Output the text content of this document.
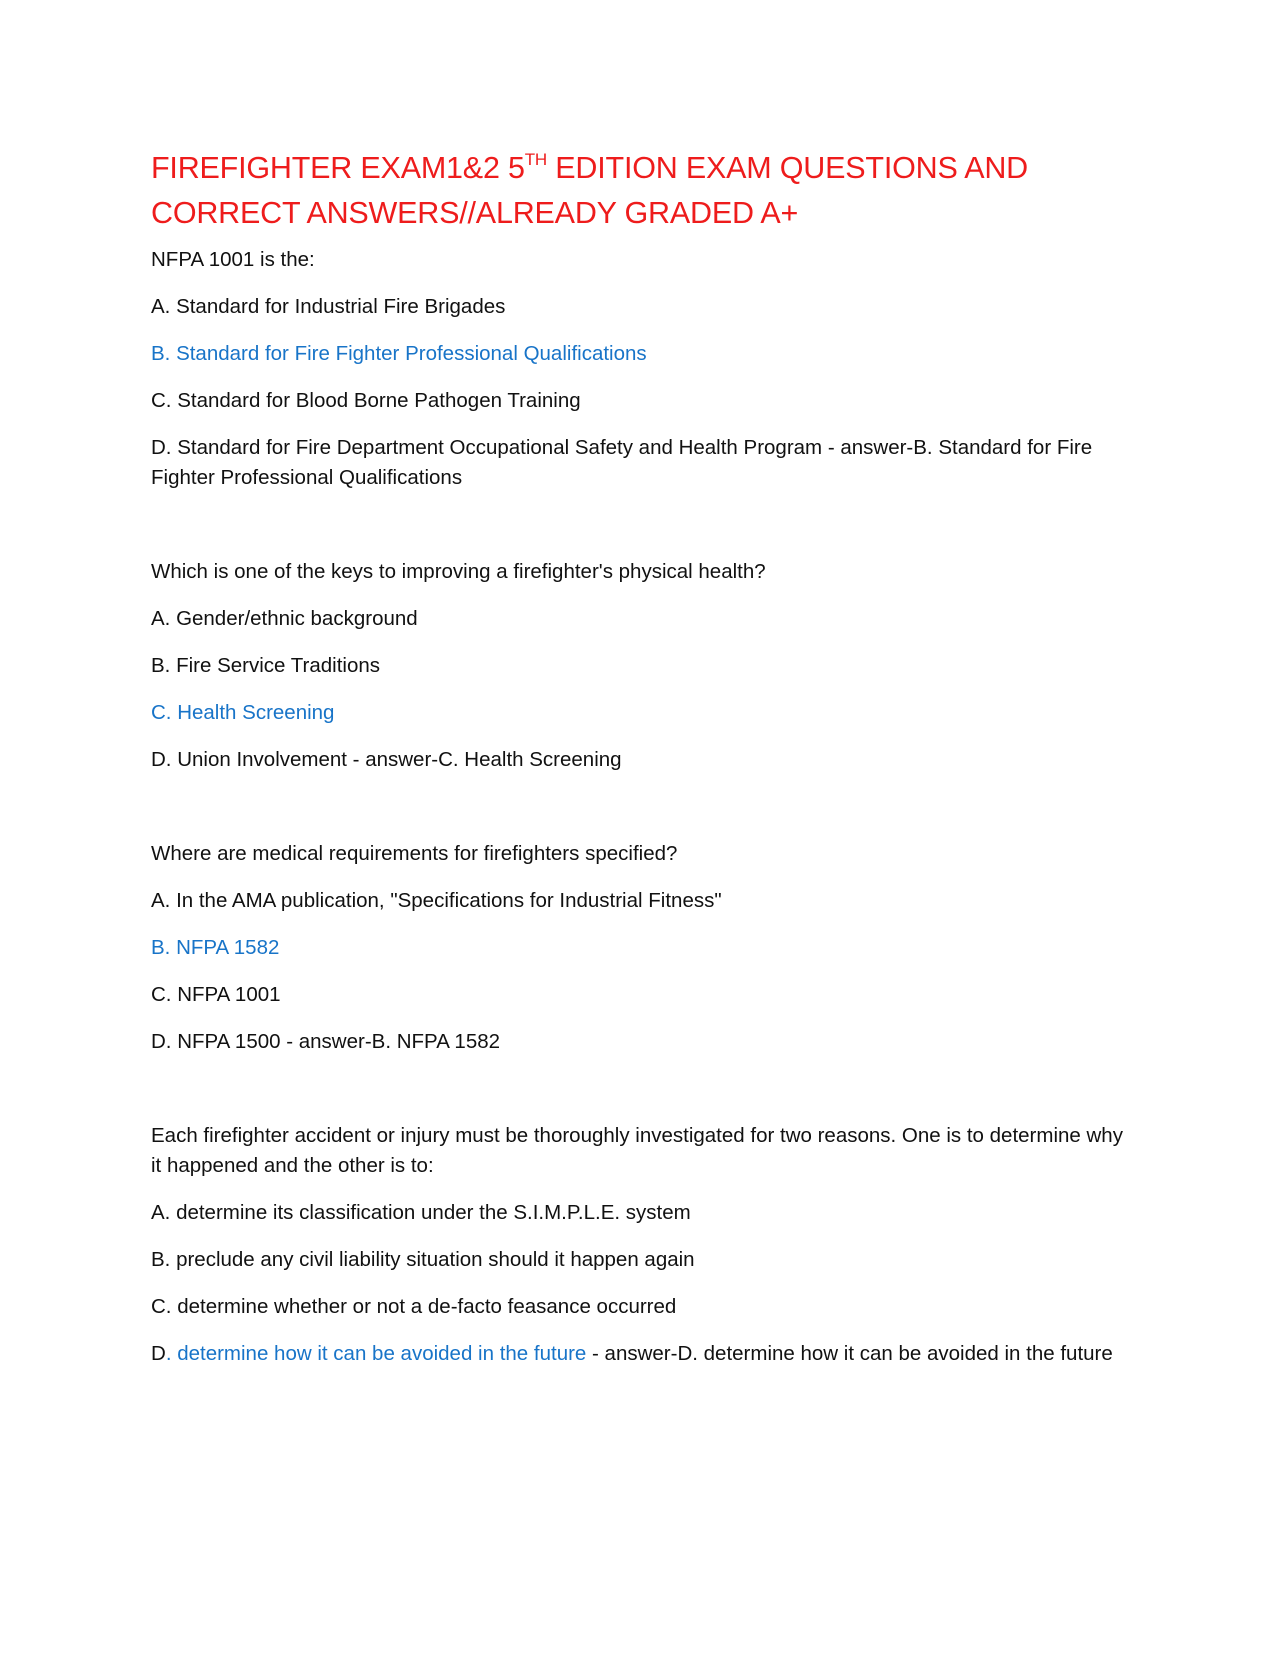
FIREFIGHTER EXAM1&2 5TH EDITION EXAM QUESTIONS AND CORRECT ANSWERS//ALREADY GRADED A+

NFPA 1001 is the:

A. Standard for Industrial Fire Brigades

B. Standard for Fire Fighter Professional Qualifications

C. Standard for Blood Borne Pathogen Training

D. Standard for Fire Department Occupational Safety and Health Program - answer-B. Standard for Fire Fighter Professional Qualifications

Which is one of the keys to improving a firefighter's physical health?

A. Gender/ethnic background

B. Fire Service Traditions

C. Health Screening

D. Union Involvement - answer-C. Health Screening

Where are medical requirements for firefighters specified?

A. In the AMA publication, "Specifications for Industrial Fitness"

B. NFPA 1582

C. NFPA 1001

D. NFPA 1500 - answer-B. NFPA 1582

Each firefighter accident or injury must be thoroughly investigated for two reasons. One is to determine why it happened and the other is to:

A. determine its classification under the S.I.M.P.L.E. system

B. preclude any civil liability situation should it happen again

C. determine whether or not a de-facto feasance occurred

D. determine how it can be avoided in the future - answer-D. determine how it can be avoided in the future
